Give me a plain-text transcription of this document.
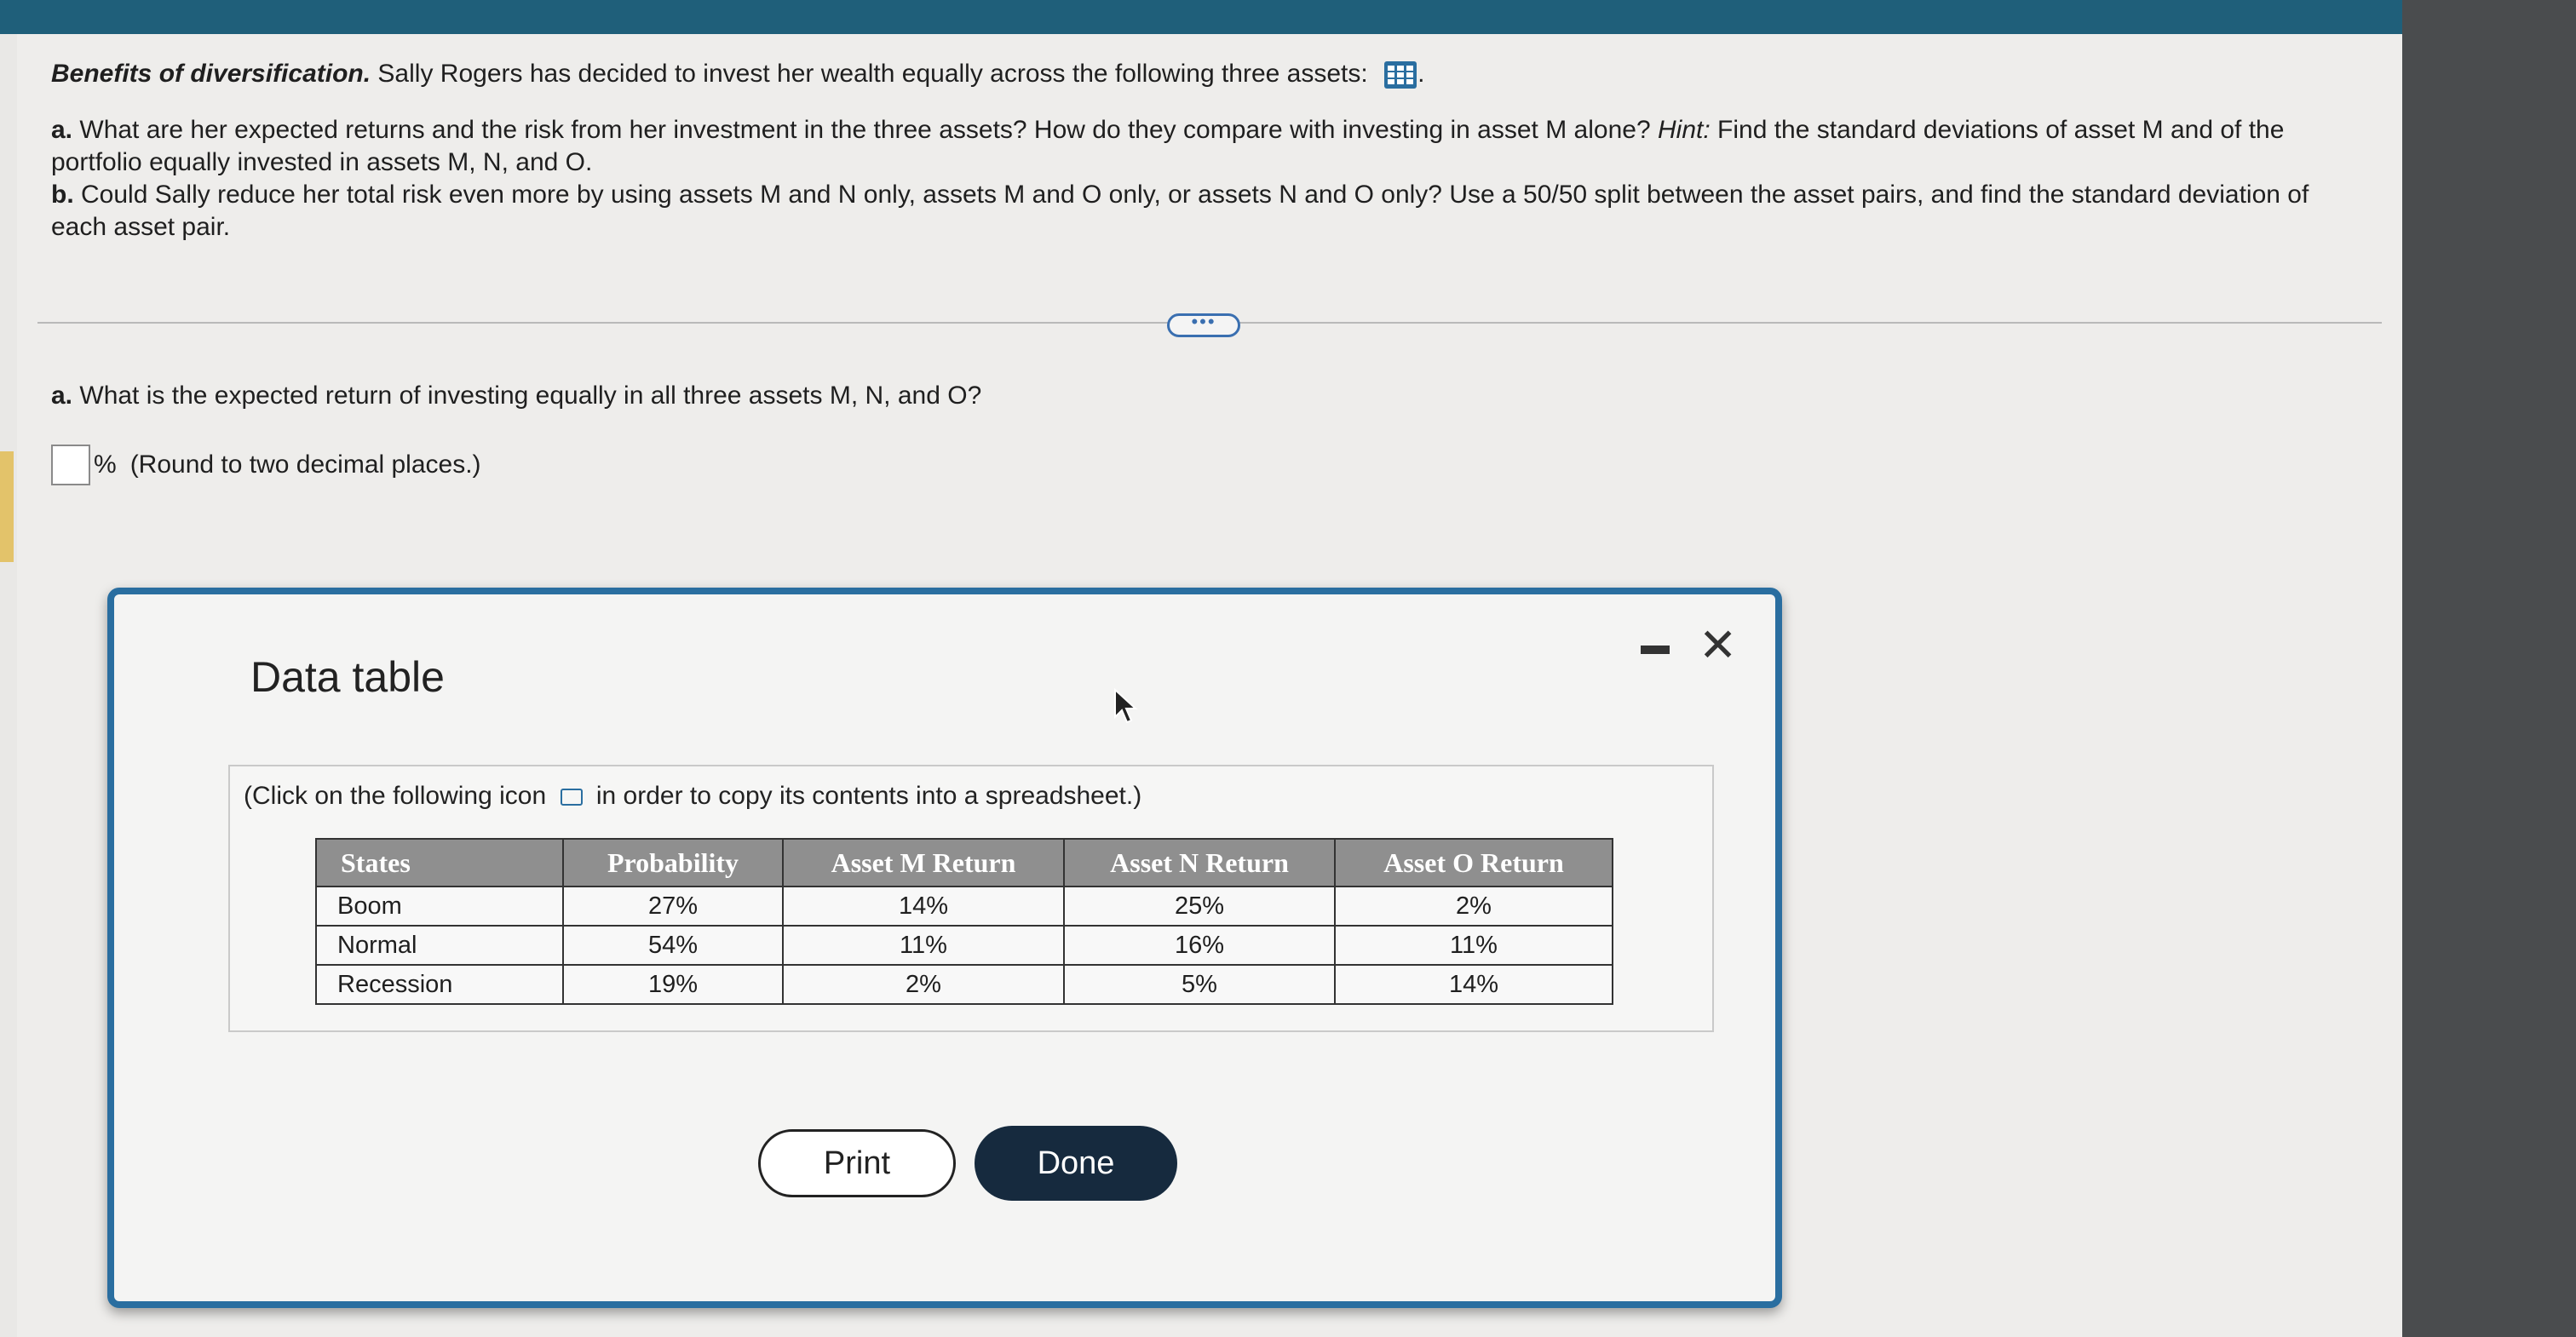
Benefits of diversification. Sally Rogers has decided to invest her wealth equally across the following three assets: .

a. What are her expected returns and the risk from her investment in the three assets? How do they compare with investing in asset M alone? Hint: Find the standard deviations of asset M and of the portfolio equally invested in assets M, N, and O.

b. Could Sally reduce her total risk even more by using assets M and N only, assets M and O only, or assets N and O only? Use a 50/50 split between the asset pairs, and find the standard deviation of each asset pair.

•••
a. What is the expected return of investing equally in all three assets M, N, and O?
% (Round to two decimal places.)
Data table
✕
(Click on the following icon in order to copy its contents into a spreadsheet.)
States	Probability	Asset M Return	Asset N Return	Asset O Return
Boom	27%	14%	25%	2%
Normal	54%	11%	16%	11%
Recession	19%	2%	5%	14%
Print	Done
